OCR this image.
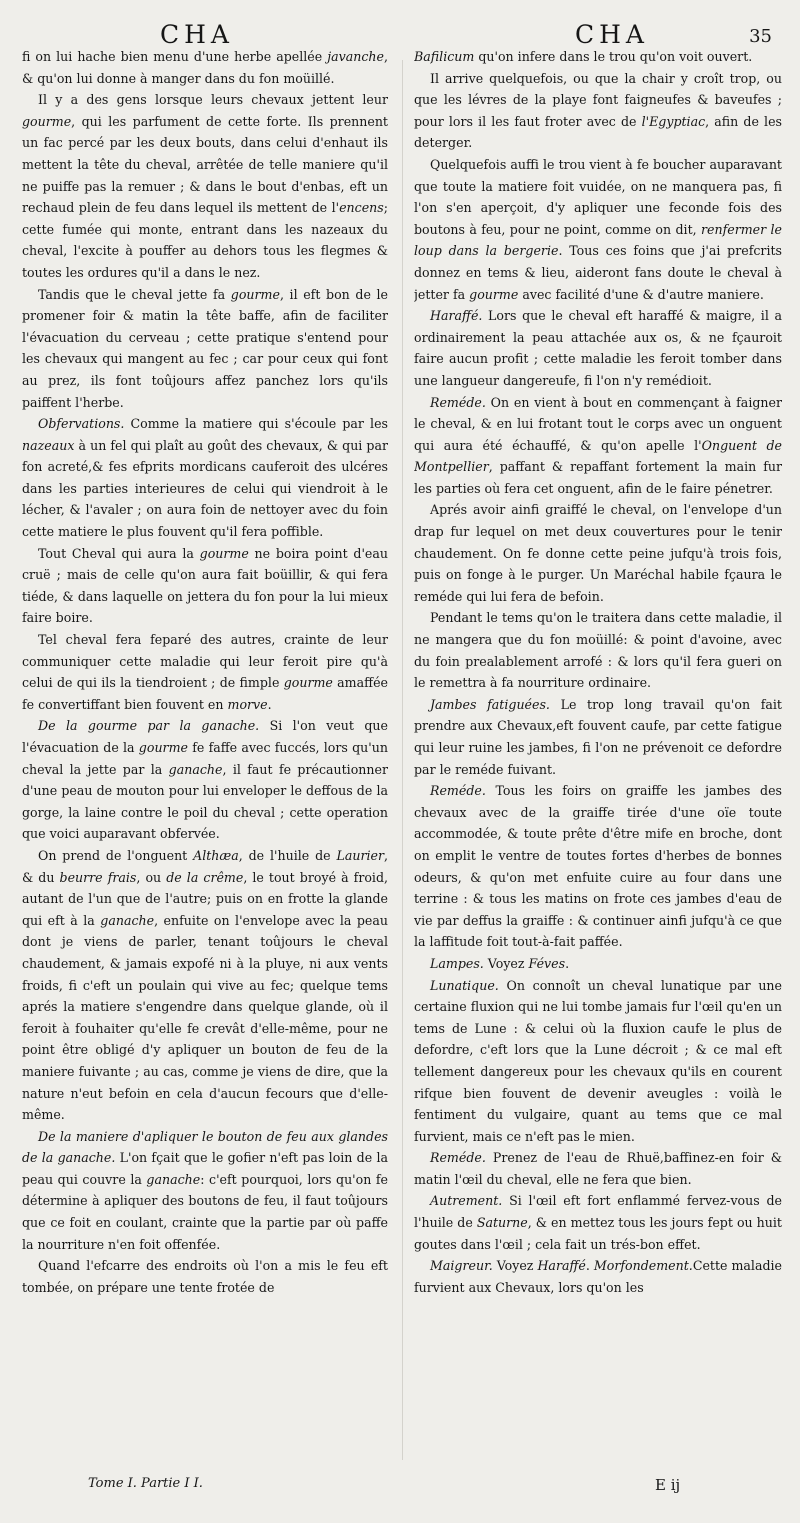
CHA	CHA	35

fi on lui hache bien menu d'une herbe apellée javanche, & qu'on lui donne à manger dans du fon moüillé.

Il y a des gens lorsque leurs chevaux jettent leur gourme, qui les parfument de cette forte. Ils prennent un fac percé par les deux bouts, dans celui d'enhaut ils mettent la tête du cheval, arrêtée de telle maniere qu'il ne puiffe pas la remuer ; & dans le bout d'enbas, eft un rechaud plein de feu dans lequel ils mettent de l'encens; cette fumée qui monte, entrant dans les nazeaux du cheval, l'excite à pouffer au dehors tous les flegmes & toutes les ordures qu'il a dans le nez.

Tandis que le cheval jette fa gourme, il eft bon de le promener foir & matin la tête baffe, afin de faciliter l'évacuation du cerveau ; cette pratique s'entend pour les chevaux qui mangent au fec ; car pour ceux qui font au prez, ils font toûjours affez panchez lors qu'ils paiffent l'herbe.

Obfervations. Comme la matiere qui s'écoule par les nazeaux à un fel qui plaît au goût des chevaux, & qui par fon acreté,& fes efprits mordicans cauferoit des ulcéres dans les parties interieures de celui qui viendroit à le lécher, & l'avaler ; on aura foin de nettoyer avec du foin cette matiere le plus fouvent qu'il fera poffible.

Tout Cheval qui aura la gourme ne boira point d'eau cruë ; mais de celle qu'on aura fait boüillir, & qui fera tiéde, & dans laquelle on jettera du fon pour la lui mieux faire boire.

Tel cheval fera feparé des autres, crainte de leur communiquer cette maladie qui leur feroit pire qu'à celui de qui ils la tiendroient ; de fimple gourme amaffée fe convertiffant bien fouvent en morve.

De la gourme par la ganache. Si l'on veut que l'évacuation de la gourme fe faffe avec fuccés, lors qu'un cheval la jette par la ganache, il faut fe précautionner d'une peau de mouton pour lui enveloper le deffous de la gorge, la laine contre le poil du cheval ; cette operation que voici auparavant obfervée.

On prend de l'onguent Althæa, de l'huile de Laurier, & du beurre frais, ou de la crême, le tout broyé à froid, autant de l'un que de l'autre; puis on en frotte la glande qui eft à la ganache, enfuite on l'envelope avec la peau dont je viens de parler, tenant toûjours le cheval chaudement, & jamais expofé ni à la pluye, ni aux vents froids, fi c'eft un poulain qui vive au fec; quelque tems aprés la matiere s'engendre dans quelque glande, où il feroit à fouhaiter qu'elle fe crevât d'elle-même, pour ne point être obligé d'y apliquer un bouton de feu de la maniere fuivante ; au cas, comme je viens de dire, que la nature n'eut befoin en cela d'aucun fecours que d'elle-même.

De la maniere d'apliquer le bouton de feu aux glandes de la ganache. L'on fçait que le gofier n'eft pas loin de la peau qui couvre la ganache: c'eft pourquoi, lors qu'on fe détermine à apliquer des boutons de feu, il faut toûjours que ce foit en coulant, crainte que la partie par où paffe la nourriture n'en foit offenfée.

Quand l'efcarre des endroits où l'on a mis le feu eft tombée, on prépare une tente frotée de

Bafilicum qu'on infere dans le trou qu'on voit ouvert.

Il arrive quelquefois, ou que la chair y croît trop, ou que les lévres de la playe font faigneufes & baveufes ; pour lors il les faut froter avec de l'Egyptiac, afin de les deterger.

Quelquefois auffi le trou vient à fe boucher auparavant que toute la matiere foit vuidée, on ne manquera pas, fi l'on s'en aperçoit, d'y apliquer une feconde fois des boutons à feu, pour ne point, comme on dit, renfermer le loup dans la bergerie. Tous ces foins que j'ai prefcrits donnez en tems & lieu, aideront fans doute le cheval à jetter fa gourme avec facilité d'une & d'autre maniere.

Haraffé. Lors que le cheval eft haraffé & maigre, il a ordinairement la peau attachée aux os, & ne fçauroit faire aucun profit ; cette maladie les feroit tomber dans une langueur dangereufe, fi l'on n'y remédioit.

Reméde. On en vient à bout en commençant à faigner le cheval, & en lui frotant tout le corps avec un onguent qui aura été échauffé, & qu'on apelle l'Onguent de Montpellier, paffant & repaffant fortement la main fur les parties où fera cet onguent, afin de le faire pénetrer.

Aprés avoir ainfi graiffé le cheval, on l'envelope d'un drap fur lequel on met deux couvertures pour le tenir chaudement. On fe donne cette peine jufqu'à trois fois, puis on fonge à le purger. Un Maréchal habile fçaura le reméde qui lui fera de befoin.

Pendant le tems qu'on le traitera dans cette maladie, il ne mangera que du fon moüillé: & point d'avoine, avec du foin prealablement arrofé : & lors qu'il fera gueri on le remettra à fa nourriture ordinaire.

Jambes fatiguées. Le trop long travail qu'on fait prendre aux Chevaux,eft fouvent caufe, par cette fatigue qui leur ruine les jambes, fi l'on ne prévenoit ce defordre par le reméde fuivant.

Reméde. Tous les foirs on graiffe les jambes des chevaux avec de la graiffe tirée d'une oïe toute accommodée, & toute prête d'être mife en broche, dont on emplit le ventre de toutes fortes d'herbes de bonnes odeurs, & qu'on met enfuite cuire au four dans une terrine : & tous les matins on frote ces jambes d'eau de vie par deffus la graiffe : & continuer ainfi jufqu'à ce que la laffitude foit tout-à-fait paffée.

Lampes. Voyez Féves.

Lunatique. On connoît un cheval lunatique par une certaine fluxion qui ne lui tombe jamais fur l'œil qu'en un tems de Lune : & celui où la fluxion caufe le plus de defordre, c'eft lors que la Lune décroit ; & ce mal eft tellement dangereux pour les chevaux qu'ils en courent rifque bien fouvent de devenir aveugles : voilà le fentiment du vulgaire, quant au tems que ce mal furvient, mais ce n'eft pas le mien.

Reméde. Prenez de l'eau de Rhuë,baffinez-en foir & matin l'œil du cheval, elle ne fera que bien.

Autrement. Si l'œil eft fort enflammé fervez-vous de l'huile de Saturne, & en mettez tous les jours fept ou huit goutes dans l'œil ; cela fait un trés-bon effet.

Maigreur. Voyez Haraffé. Morfondement.Cette maladie furvient aux Chevaux, lors qu'on les

Tome I. Partie I I.	E ij
